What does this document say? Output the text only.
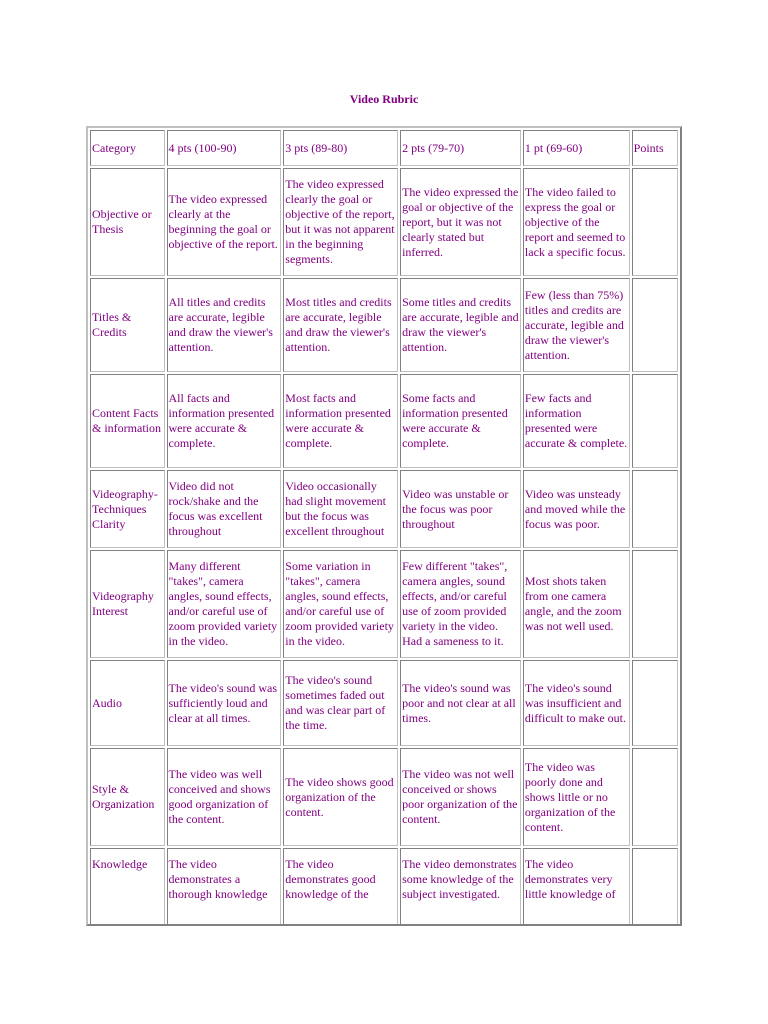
Video Rubric
Category	4 pts (100-90)	3 pts (89-80)	2 pts (79-70)	1 pt (69-60)	Points
Objective or Thesis	The video expressed clearly at the beginning the goal or objective of the report.	The video expressed clearly the goal or objective of the report, but it was not apparent in the beginning segments.	The video expressed the goal or objective of the report, but it was not clearly stated but inferred.	The video failed to express the goal or objective of the report and seemed to lack a specific focus.	
Titles & Credits	All titles and credits are accurate, legible and draw the viewer's attention.	Most titles and credits are accurate, legible and draw the viewer's attention.	Some titles and credits are accurate, legible and draw the viewer's attention.	Few (less than 75%) titles and credits are accurate, legible and draw the viewer's attention.	
Content Facts & information	All facts and information presented were accurate & complete.	Most facts and information presented were accurate & complete.	Some facts and information presented were accurate & complete.	Few facts and information presented were accurate & complete.	
Videography- Techniques Clarity	Video did not rock/shake and the focus was excellent throughout	Video occasionally had slight movement but the focus was excellent throughout	Video was unstable or the focus was poor throughout	Video was unsteady and moved while the focus was poor.	
Videography Interest	Many different "takes", camera angles, sound effects, and/or careful use of zoom provided variety in the video.	Some variation in "takes", camera angles, sound effects, and/or careful use of zoom provided variety in the video.	Few different "takes", camera angles, sound effects, and/or careful use of zoom provided variety in the video. Had a sameness to it.	Most shots taken from one camera angle, and the zoom was not well used.	
Audio	The video's sound was sufficiently loud and clear at all times.	The video's sound sometimes faded out and was clear part of the time.	The video's sound was poor and not clear at all times.	The video's sound was insufficient and difficult to make out.	
Style & Organization	The video was well conceived and shows good organization of the content.	The video shows good organization of the content.	The video was not well conceived or shows poor organization of the content.	The video was poorly done and shows little or no organization of the content.	
Knowledge	The video demonstrates a thorough knowledge	The video demonstrates good knowledge of the	The video demonstrates some knowledge of the subject investigated.	The video demonstrates very little knowledge of	
